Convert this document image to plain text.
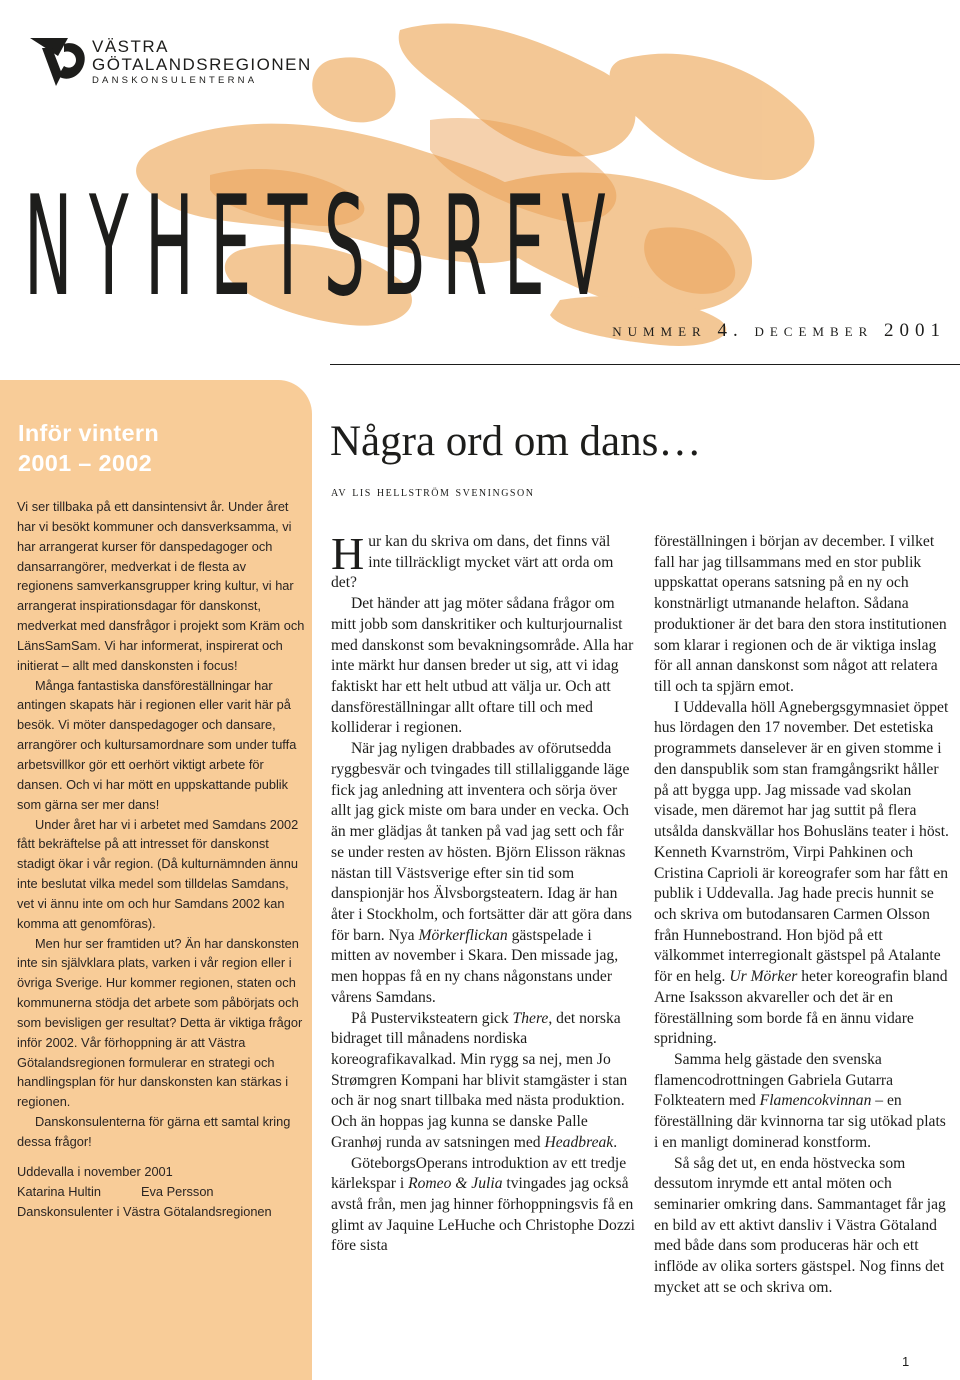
VÄSTRA
GÖTALANDSREGIONEN
DANSKONSULENTERNA
NYHETSBREV
nummer 4. december 2001
Inför vintern
2001 – 2002

Vi ser tillbaka på ett dansintensivt år. Under året har vi besökt kommuner och dansverksamma, vi har arrangerat kurser för danspedagoger och dansarrangörer, medverkat i de flesta av regionens samverkansgrupper kring kultur, vi har arrangerat inspirationsdagar för danskonst, medverkat med dansfrågor i projekt som Kräm och LänsSamSam. Vi har informerat, inspirerat och initierat – allt med danskonsten i focus!

Många fantastiska dansföreställningar har antingen skapats här i regionen eller varit här på besök. Vi möter danspedagoger och dansare, arrangörer och kultursamordnare som under tuffa arbetsvillkor gör ett oerhört viktigt arbete för dansen. Och vi har mött en uppskattande publik som gärna ser mer dans!

Under året har vi i arbetet med Samdans 2002 fått bekräftelse på att intresset för danskonst stadigt ökar i vår region. (Då kulturnämnden ännu inte beslutat vilka medel som tilldelas Samdans, vet vi ännu inte om och hur Samdans 2002 kan komma att genomföras).

Men hur ser framtiden ut? Än har danskonsten inte sin självklara plats, varken i vår region eller i övriga Sverige. Hur kommer regionen, staten och kommunerna stödja det arbete som påbörjats och som bevisligen ger resultat? Detta är viktiga frågor inför 2002. Vår förhoppning är att Västra Götalandsregionen formulerar en strategi och handlingsplan för hur danskonsten kan stärkas i regionen.

Danskonsulenterna för gärna ett samtal kring dessa frågor!

Uddevalla i november 2001

Katarina Hultin	Eva Persson

Danskonsulenter i Västra Götalandsregionen

Några ord om dans…
av lis hellström sveningson

Hur kan du skriva om dans, det finns väl inte tillräckligt mycket värt att orda om det?

Det händer att jag möter sådana frågor om mitt jobb som danskritiker och kulturjournalist med danskonst som bevakningsområde. Alla har inte märkt hur dansen breder ut sig, att vi idag faktiskt har ett helt utbud att välja ur. Och att dansföreställningar allt oftare till och med kolliderar i regionen.

När jag nyligen drabbades av oförutsedda ryggbesvär och tvingades till stillaliggande läge fick jag anledning att inventera och sörja över allt jag gick miste om bara under en vecka. Och än mer glädjas åt tanken på vad jag sett och får se under resten av hösten. Björn Elisson räknas nästan till Västsverige efter sin tid som danspionjär hos Älvsborgsteatern. Idag är han åter i Stockholm, och fortsätter där att göra dans för barn. Nya Mörkerflickan gästspelade i mitten av november i Skara. Den missade jag, men hoppas få en ny chans någonstans under vårens Samdans.

På Pusterviksteatern gick There, det norska bidraget till månadens nordiska koreografikavalkad. Min rygg sa nej, men Jo Strømgren Kompani har blivit stamgäster i stan och är nog snart tillbaka med nästa produktion. Och än hoppas jag kunna se danske Palle Granhøj runda av satsningen med Headbreak.

GöteborgsOperans introduktion av ett tredje kärlekspar i Romeo & Julia tvingades jag också avstå från, men jag hinner förhoppningsvis få en glimt av Jaquine LeHuche och Christophe Dozzi före sista

föreställningen i början av december. I vilket fall har jag tillsammans med en stor publik uppskattat operans satsning på en ny och konstnärligt utmanande helafton. Sådana produktioner är det bara den stora institutionen som klarar i regionen och de är viktiga inslag för all annan danskonst som något att relatera till och ta spjärn emot.

I Uddevalla höll Agnebergsgymnasiet öppet hus lördagen den 17 november. Det estetiska programmets danselever är en given stomme i den danspublik som stan framgångsrikt håller på att bygga upp. Jag missade vad skolan visade, men däremot har jag suttit på flera utsålda danskvällar hos Bohusläns teater i höst. Kenneth Kvarnström, Virpi Pahkinen och Cristina Caprioli är koreografer som har fått en publik i Uddevalla. Jag hade precis hunnit se och skriva om butodansaren Carmen Olsson från Hunnebostrand. Hon bjöd på ett välkommet interregionalt gästspel på Atalante för en helg. Ur Mörker heter koreografin bland Arne Isaksson akvareller och det är en föreställning som borde få en ännu vidare spridning.

Samma helg gästade den svenska flamencodrottningen Gabriela Gutarra Folkteatern med Flamencokvinnan – en föreställning där kvinnorna tar sig utökad plats i en manligt dominerad konstform.

Så såg det ut, en enda höstvecka som dessutom inrymde ett antal möten och seminarier omkring dans. Sammantaget får jag en bild av ett aktivt dansliv i Västra Götaland med både dans som produceras här och ett inflöde av olika sorters gästspel. Nog finns det mycket att se och skriva om.

1
